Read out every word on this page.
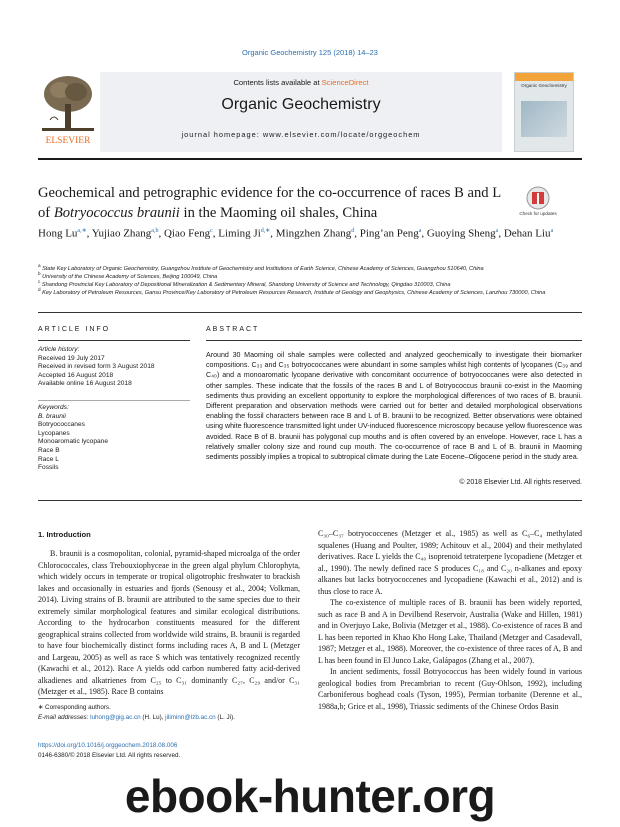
Organic Geochemistry 125 (2018) 14–23
ELSEVIER
Contents lists available at ScienceDirect
Organic Geochemistry
journal homepage: www.elsevier.com/locate/orggeochem
Organic Geochemistry
Geochemical and petrographic evidence for the co-occurrence of races B and L of Botryococcus braunii in the Maoming oil shales, China	Check for updates
Hong $Lu^{a,∗}$, Yujiao Zhang$^{a,b}$, Qiao Feng$^c$, Liming $Ji^{d,∗}$, Mingzhen Zhang$^d$, Ping’an Peng$^a$, Guoying Sheng$^a$, Dehan Liu$^a$
$^a$ State Key Laboratory of Organic Geochemistry, Guangzhou Institute of Geochemistry and Institutions of Earth Science, Chinese Academy of Sciences, Guangzhou 510640, China
$^b$ University of the Chinese Academy of Sciences, Beijing 100049, China
$^c$ Shandong Provincial Key Laboratory of Depositional Mineralization & Sedimentary Mineral, Shandong University of Science and Technology, Qingdao 310003, China
$^d$ Key Laboratory of Petroleum Resources, Gansu Province/Key Laboratory of Petroleum Resources Research, Institute of Geology and Geophysics, Chinese Academy of Sciences, Lanzhou 730000, China
ARTICLE INFO
Article history:
Received 19 July 2017
Received in revised form 3 August 2018
Accepted 16 August 2018
Available online 16 August 2018
Keywords:
B. braunii
Botryococcanes
Lycopanes
Monoaromatic lycopane
Race B
Race L
Fossils
ABSTRACT
Around 30 Maoming oil shale samples were collected and analyzed geochemically to investigate their biomarker compositions. C₃₃ and C₃₅ botryococcanes were abundant in some samples whilst high contents of lycopanes (C₃₉ and C₄₀) and a monoaromatic lycopane derivative with concomitant occurrence of botryococcanes were also detected in other samples. These indicate that the fossils of the races B and L of Botryococcus braunii co-exist in the Maoming sediments thus providing an excellent opportunity to explore the morphological differences of two races of B. braunii. Different preparation and observation methods were carried out for better and detailed morphological observations enabling the fossil characters between race B and L of B. braunii to be recognized. Better observations were obtained using white fluorescence transmitted light under UV-induced fluorescence microscopy because yellow fluorescence was avoided. Race B of B. braunii has polygonal cup mouths and is often covered by an envelope. However, race L has a relatively smaller colony size and round cup mouth. The co-occurrence of race B and L of B. braunii in Maoming sediments possibly implies a tropical to subtropical climate during the Late Eocene–Oligocene period in the study area.
© 2018 Elsevier Ltd. All rights reserved.
1. Introduction

B. braunii is a cosmopolitan, colonial, pyramid-shaped microalga of the order Chlorococcales, class Trebouxiophyceae in the green algal phylum Chlorophyta, which widely occurs in temperate or tropical oligotrophic freshwater to brackish lakes and occasionally in estuaries and fjords (Senousy et al., 2004; Volkman, 2014). Living strains of B. braunii are attributed to the same species due to their extremely similar morphological features and similar ecological distributions. According to the hydrocarbon constituents measured for the different geographical strains collected from worldwide wild strains, B. braunii is regarded to have four biochemically distinct forms including races A, B and L (Metzger and Largeau, 2005) as well as race S which was tentatively recognized recently (Kawachi et al., 2012). Race A yields odd carbon numbered fatty acid-derived alkadienes and alkatrienes from C₂₅ to C₃₁ dominantly C₂₇, C₂₉ and/or C₃₁ (Metzger et al., 1985). Race B contains

C₃₀–C₃₇ botryococcenes (Metzger et al., 1985) as well as C₆–C₄ methylated squalenes (Huang and Poulter, 1989; Achitouv et al., 2004) and their methylated derivatives. Race L yields the C₄₀ isoprenoid tetraterpene lycopadiene (Metzger et al., 1990). The newly defined race S produces C₁₈ and C₂₀ n-alkanes and epoxy alkanes but lacks botryococcenes and lycopadiene (Kawachi et al., 2012) and is thus close to race A.

The co-existence of multiple races of B. braunii has been widely reported, such as race B and A in Devilbend Reservoir, Australia (Wake and Hillen, 1981) and in Overjuyo Lake, Bolivia (Metzger et al., 1988). Co-existence of races B and L has been reported in Khao Kho Hong Lake, Thailand (Metzger and Casadevall, 1987; Metzger et al., 1988). Moreover, the co-existence of three races of A, B and L has been found in El Junco Lake, Galápagos (Zhang et al., 2007).

In ancient sediments, fossil Botryococcus has been widely found in various geological bodies from Precambrian to recent (Guy-Ohlson, 1992), including Carboniferous boghead coals (Tyson, 1995), Permian torbanite (Derenne et al., 1988a,b; Grice et al., 1998), Triassic sediments of the Chinese Ordos Basin

∗ Corresponding authors.
E-mail addresses: luhong@gig.ac.cn (H. Lu), jiliminn@lzb.ac.cn (L. Ji).
https://doi.org/10.1016/j.orggeochem.2018.08.006
0146-6380/© 2018 Elsevier Ltd. All rights reserved.
ebook-hunter.org
